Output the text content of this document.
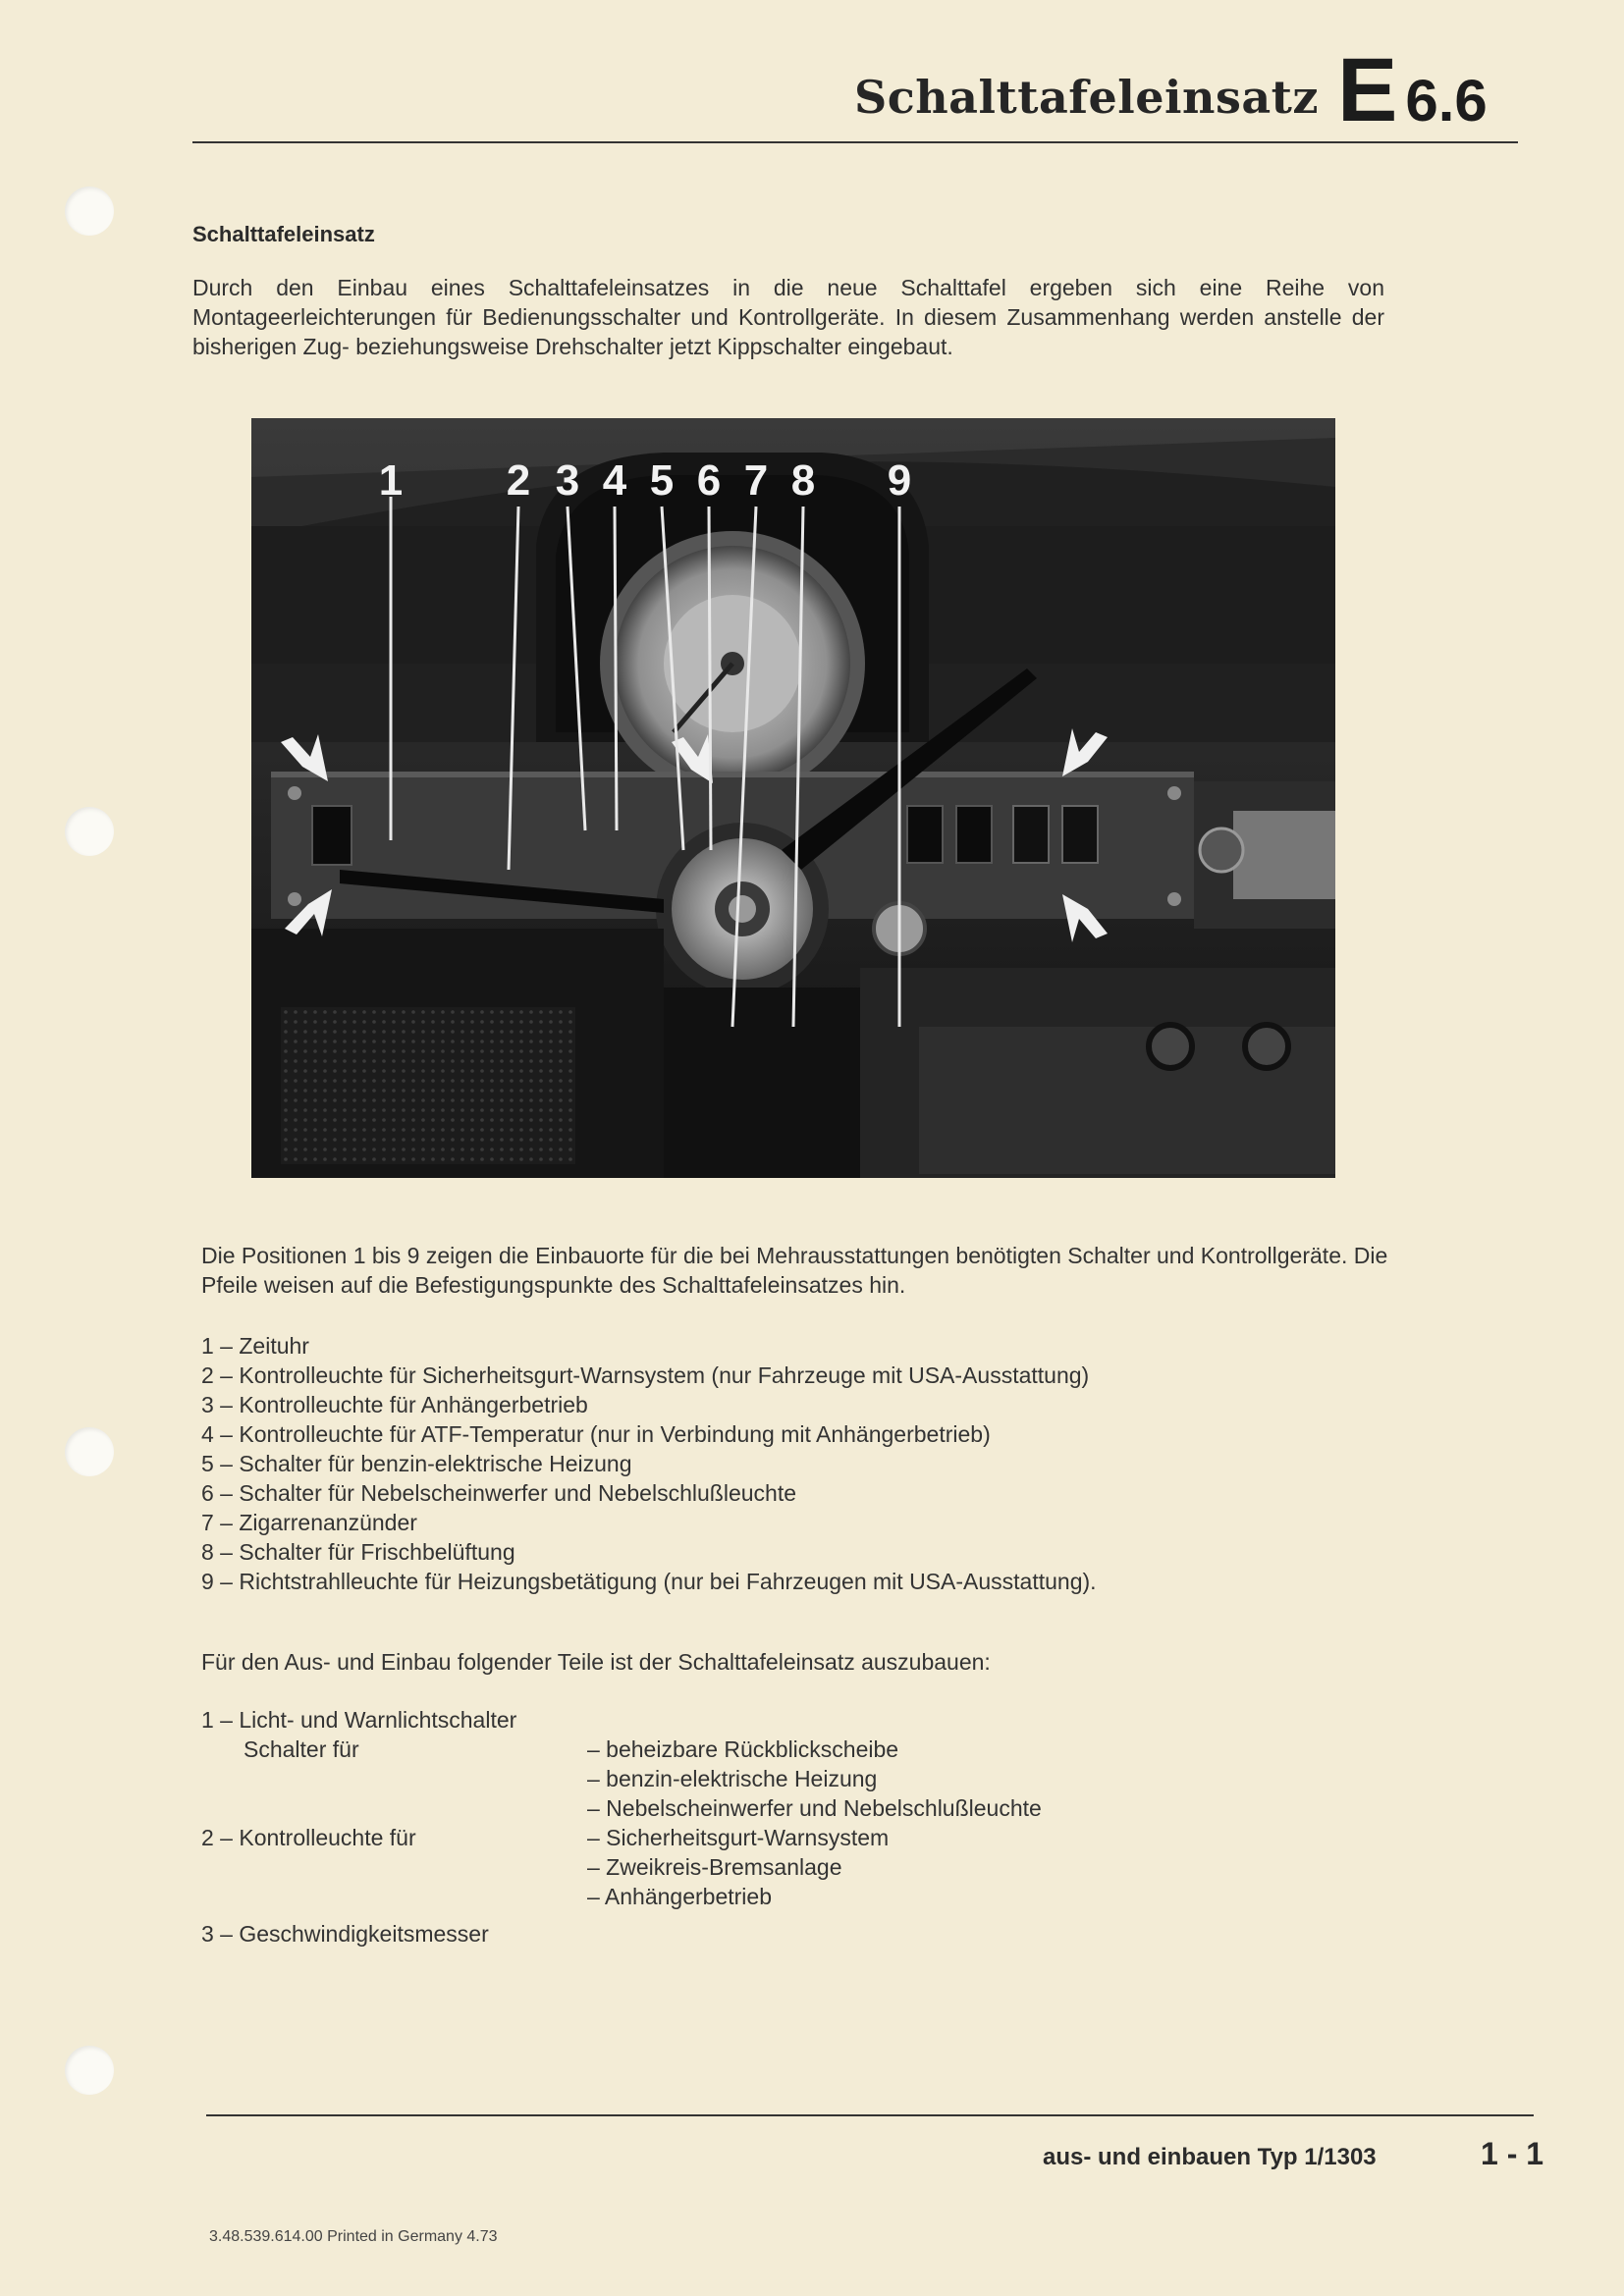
Schalttafeleinsatz E 6.6
Schalttafeleinsatz
Durch den Einbau eines Schalttafeleinsatzes in die neue Schalttafel ergeben sich eine Reihe von Montageerleichterungen für Bedienungsschalter und Kontrollgeräte. In diesem Zusammenhang werden anstelle der bisherigen Zug- beziehungsweise Drehschalter jetzt Kippschalter eingebaut.
1 2 3 4 5 6 7 8 9
Die Positionen 1 bis 9 zeigen die Einbauorte für die bei Mehrausstattungen benötigten Schalter und Kontrollgeräte. Die Pfeile weisen auf die Befestigungspunkte des Schalttafeleinsatzes hin.
1 – Zeituhr
2 – Kontrolleuchte für Sicherheitsgurt-Warnsystem (nur Fahrzeuge mit USA-Ausstattung)
3 – Kontrolleuchte für Anhängerbetrieb
4 – Kontrolleuchte für ATF-Temperatur (nur in Verbindung mit Anhängerbetrieb)
5 – Schalter für benzin-elektrische Heizung
6 – Schalter für Nebelscheinwerfer und Nebelschlußleuchte
7 – Zigarrenanzünder
8 – Schalter für Frischbelüftung
9 – Richtstrahlleuchte für Heizungsbetätigung (nur bei Fahrzeugen mit USA-Ausstattung).
Für den Aus- und Einbau folgender Teile ist der Schalttafeleinsatz auszubauen:
1 – Licht- und Warnlichtschalter
Schalter für	– beheizbare Rückblickscheibe
– benzin-elektrische Heizung
– Nebelscheinwerfer und Nebelschlußleuchte
2 – Kontrolleuchte für	– Sicherheitsgurt-Warnsystem
– Zweikreis-Bremsanlage
– Anhängerbetrieb
3 – Geschwindigkeitsmesser
aus- und einbauen Typ 1/1303	1 - 1
3.48.539.614.00 Printed in Germany 4.73
